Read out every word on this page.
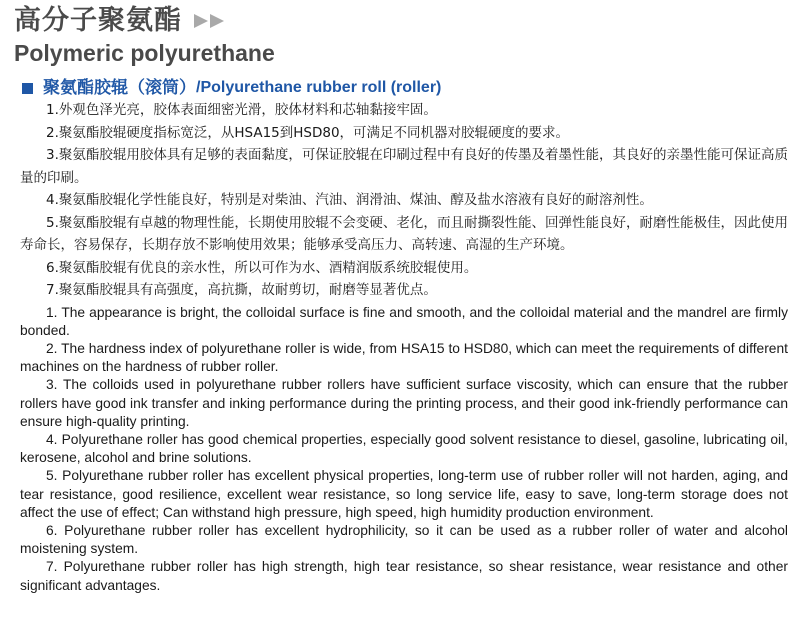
高分子聚氨酯
Polymeric polyurethane
聚氨酯胶辊（滚筒） /Polyurethane rubber roll (roller)

1.外观色泽光亮，胶体表面细密光滑，胶体材料和芯轴黏接牢固。

2.聚氨酯胶辊硬度指标宽泛，从HSA15到HSD80，可满足不同机器对胶辊硬度的要求。

3.聚氨酯胶辊用胶体具有足够的表面黏度，可保证胶辊在印刷过程中有良好的传墨及着墨性能，其良好的亲墨性能可保证高质量的印刷。

4.聚氨酯胶辊化学性能良好，特别是对柴油、汽油、润滑油、煤油、醇及盐水溶液有良好的耐溶剂性。

5.聚氨酯胶辊有卓越的物理性能，长期使用胶辊不会变硬、老化，而且耐撕裂性能、回弹性能良好，耐磨性能极佳，因此使用寿命长，容易保存，长期存放不影响使用效果；能够承受高压力、高转速、高湿的生产环境。

6.聚氨酯胶辊有优良的亲水性，所以可作为水、酒精润版系统胶辊使用。

7.聚氨酯胶辊具有高强度，高抗撕，故耐剪切，耐磨等显著优点。

1. The appearance is bright, the colloidal surface is fine and smooth, and the colloidal material and the mandrel are firmly bonded.

2. The hardness index of polyurethane roller is wide, from HSA15 to HSD80, which can meet the requirements of different machines on the hardness of rubber roller.

3. The colloids used in polyurethane rubber rollers have sufficient surface viscosity, which can ensure that the rubber rollers have good ink transfer and inking performance during the printing process, and their good ink-friendly performance can ensure high-quality printing.

4. Polyurethane roller has good chemical properties, especially good solvent resistance to diesel, gasoline, lubricating oil, kerosene, alcohol and brine solutions.

5. Polyurethane rubber roller has excellent physical properties, long-term use of rubber roller will not harden, aging, and tear resistance, good resilience, excellent wear resistance, so long service life, easy to save, long-term storage does not affect the use of effect; Can withstand high pressure, high speed, high humidity production environment.

6. Polyurethane rubber roller has excellent hydrophilicity, so it can be used as a rubber roller of water and alcohol moistening system.

7. Polyurethane rubber roller has high strength, high tear resistance, so shear resistance, wear resistance and other significant advantages.
